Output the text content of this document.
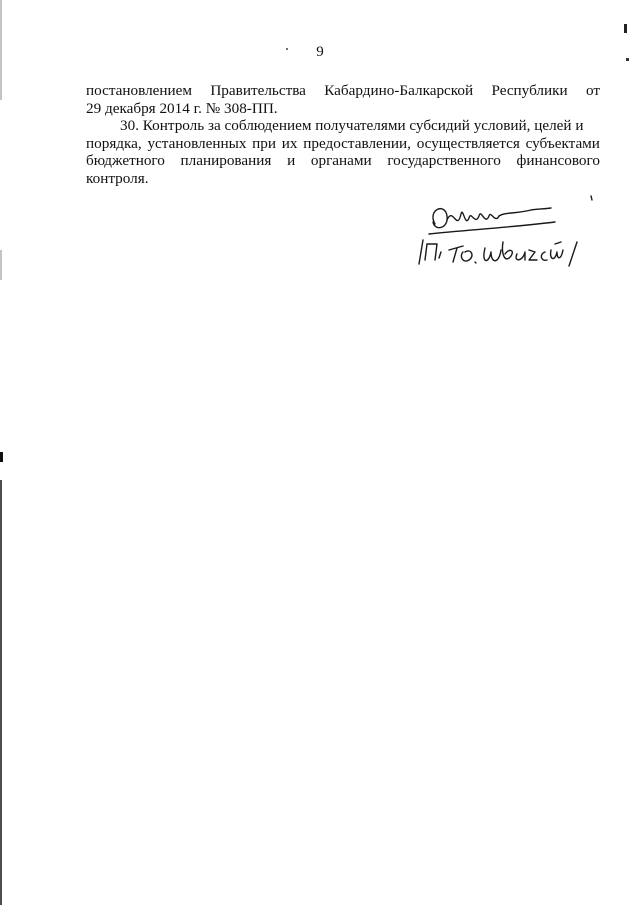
9
постановлением Правительства Кабардино-Балкарской Республики от
29 декабря 2014 г. № 308-ПП.
30. Контроль за соблюдением получателями субсидий условий, целей и
порядка, установленных при их предоставлении, осуществляется субъектами
бюджетного планирования и органами государственного финансового
контроля.
/П. Ю. Швацкий/
